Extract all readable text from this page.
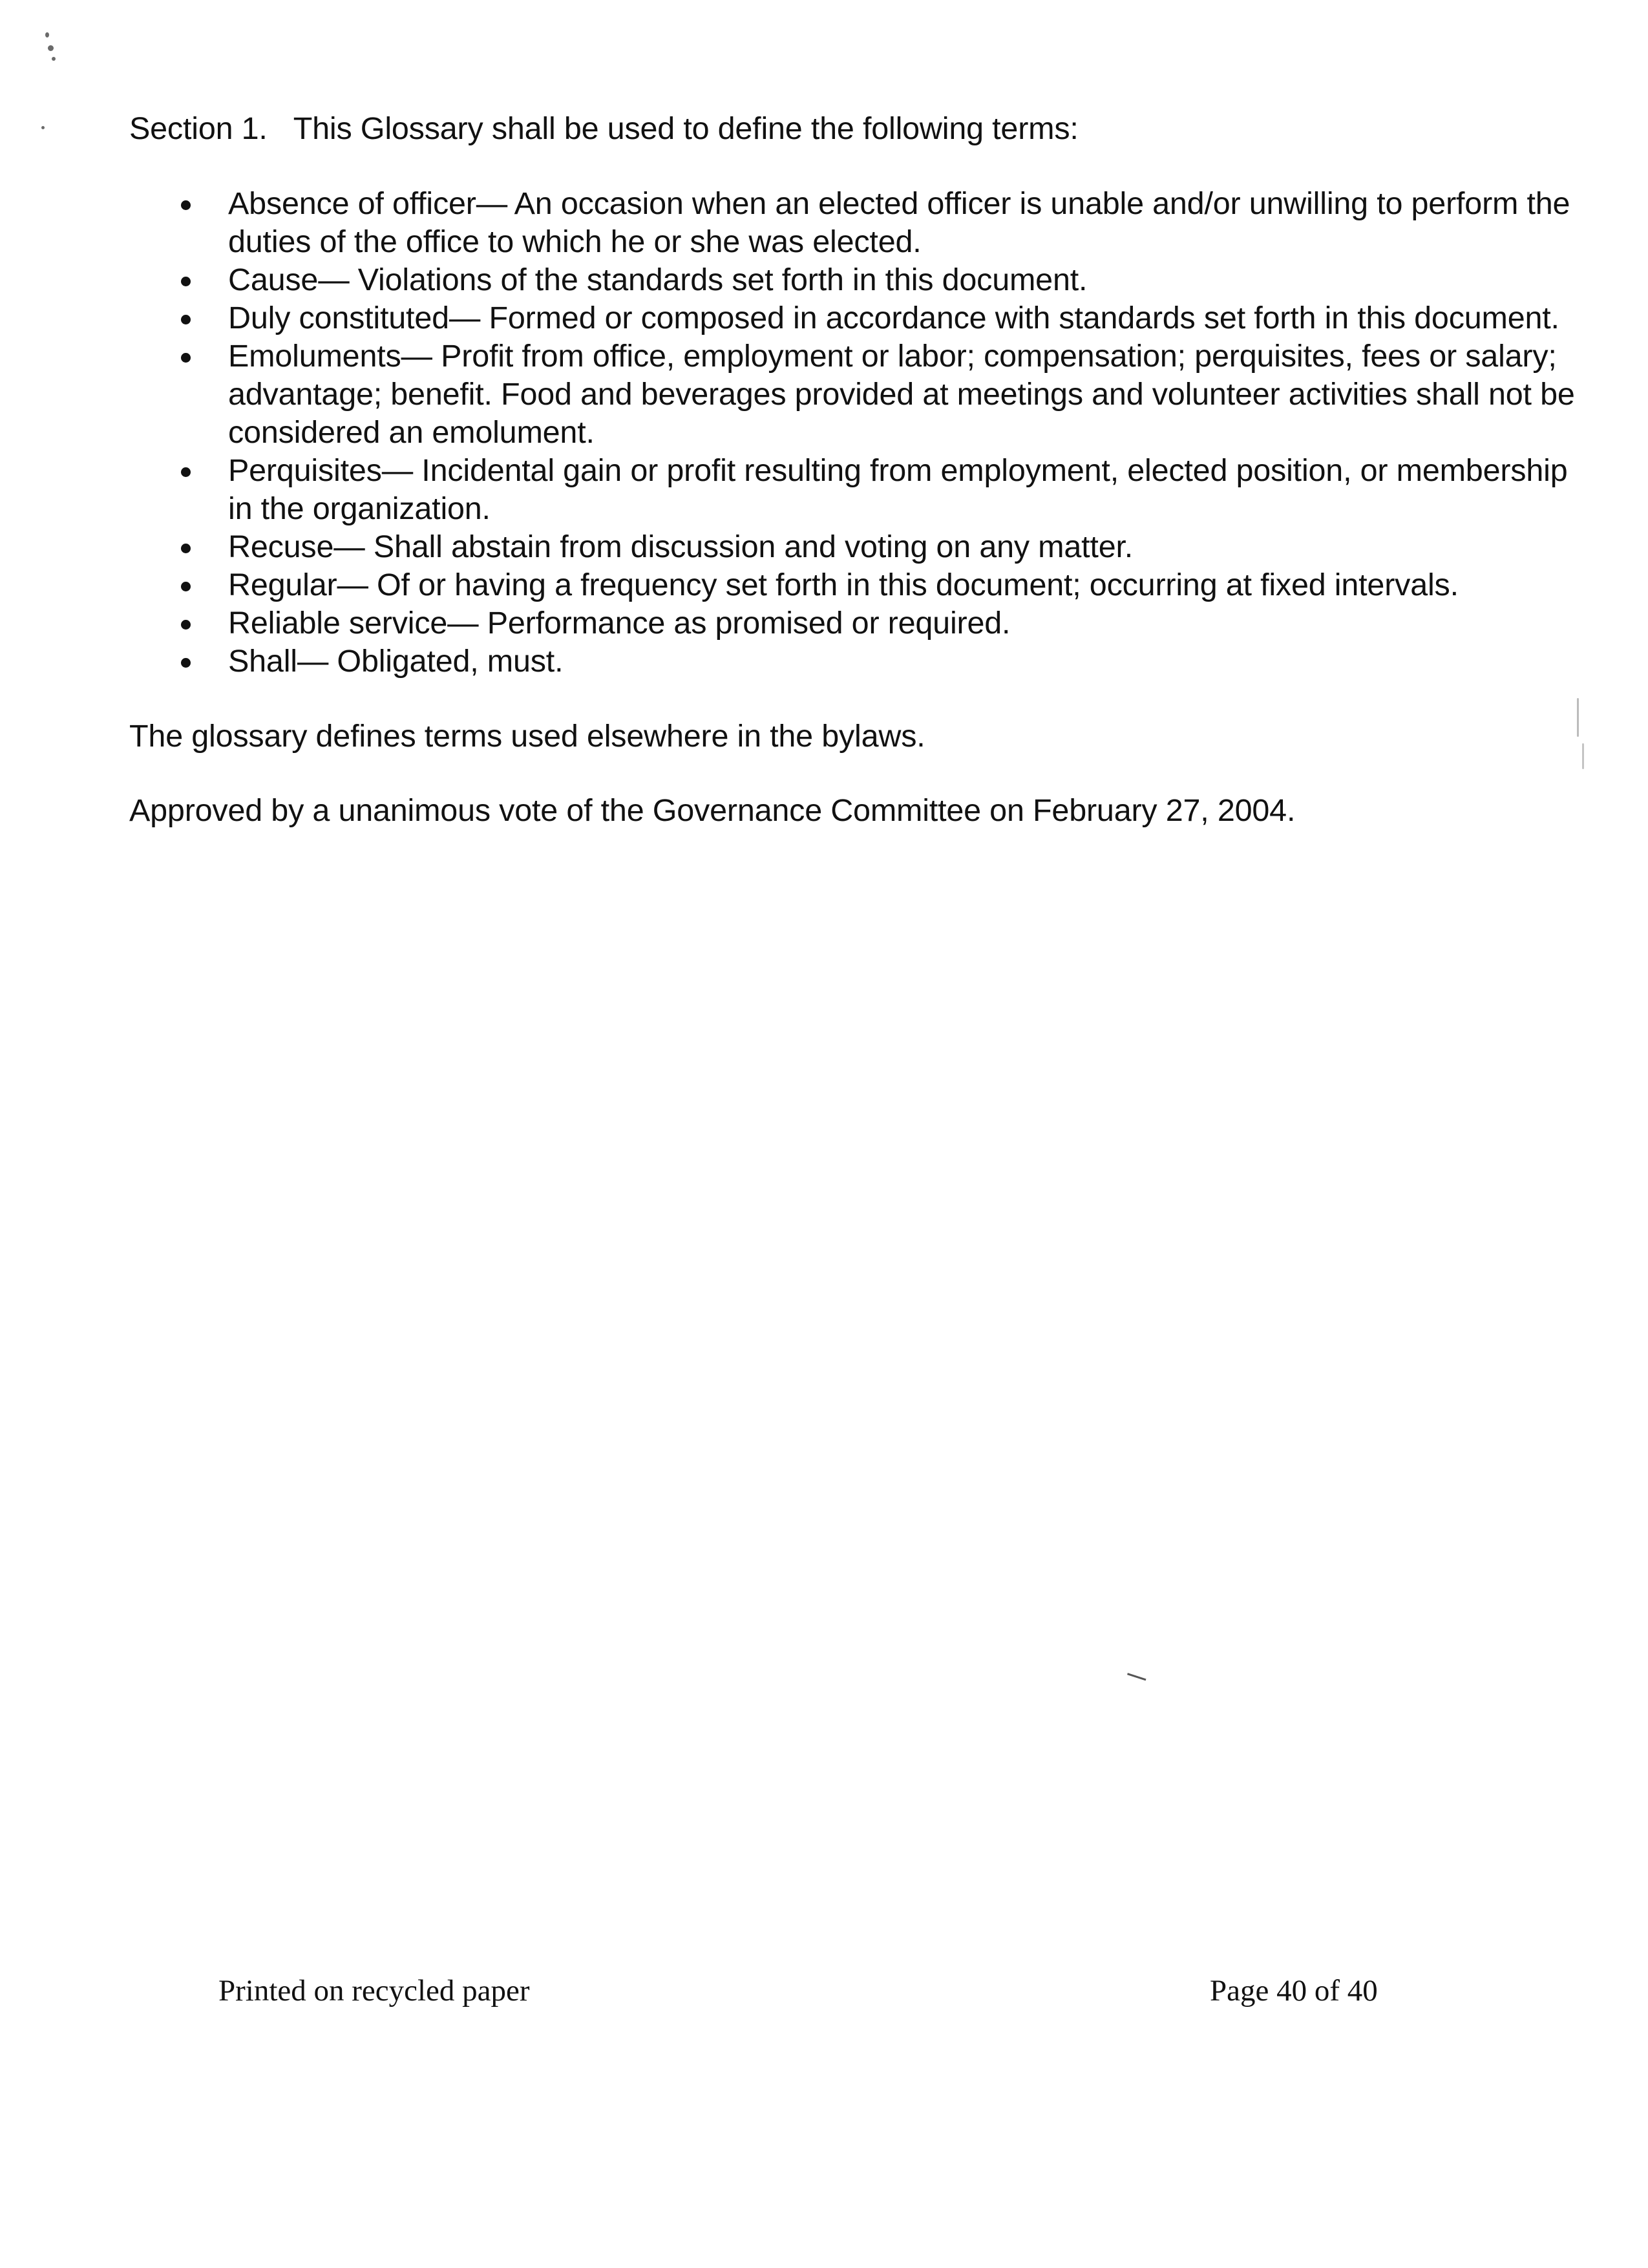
Section 1. This Glossary shall be used to define the following terms:

Absence of officer— An occasion when an elected officer is unable and/or unwilling to perform the duties of the office to which he or she was elected.
Cause— Violations of the standards set forth in this document.
Duly constituted— Formed or composed in accordance with standards set forth in this document.
Emoluments— Profit from office, employment or labor; compensation; perquisites, fees or salary; advantage; benefit. Food and beverages provided at meetings and volunteer activities shall not be considered an emolument.
Perquisites— Incidental gain or profit resulting from employment, elected position, or membership in the organization.
Recuse— Shall abstain from discussion and voting on any matter.
Regular— Of or having a frequency set forth in this document; occurring at fixed intervals.
Reliable service— Performance as promised or required.
Shall— Obligated, must.

The glossary defines terms used elsewhere in the bylaws.

Approved by a unanimous vote of the Governance Committee on February 27, 2004.

Printed on recycled paper	Page 40 of 40
